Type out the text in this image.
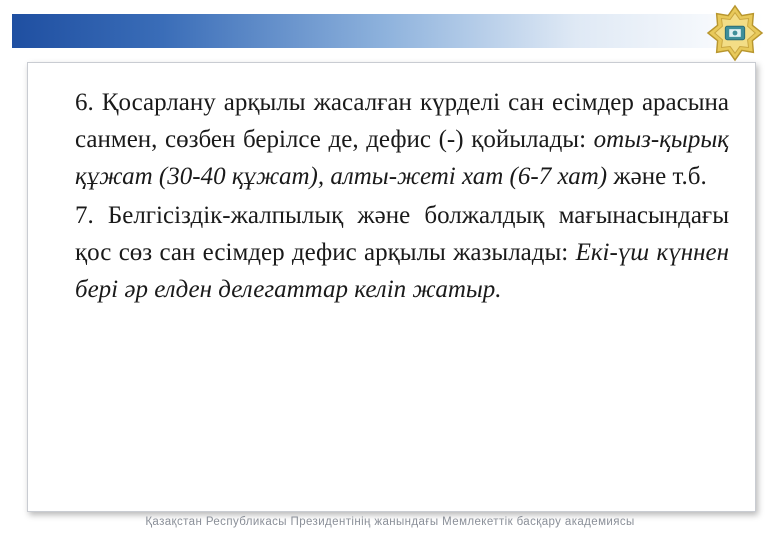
6. Қосарлану арқылы жасалған күрделі сан есімдер арасына санмен, сөзбен берілсе де, дефис (-) қойылады: отыз-қырық құжат (30-40 құжат), алты-жеті хат (6-7 хат) және т.б.

7. Белгісіздік-жалпылық және болжалдық мағынасындағы қос сөз сан есімдер дефис арқылы жазылады: Екі-үш күннен бері әр елден делегаттар келіп жатыр.

Қазақстан Республикасы Президентінің жанындағы Мемлекеттік басқару академиясы
